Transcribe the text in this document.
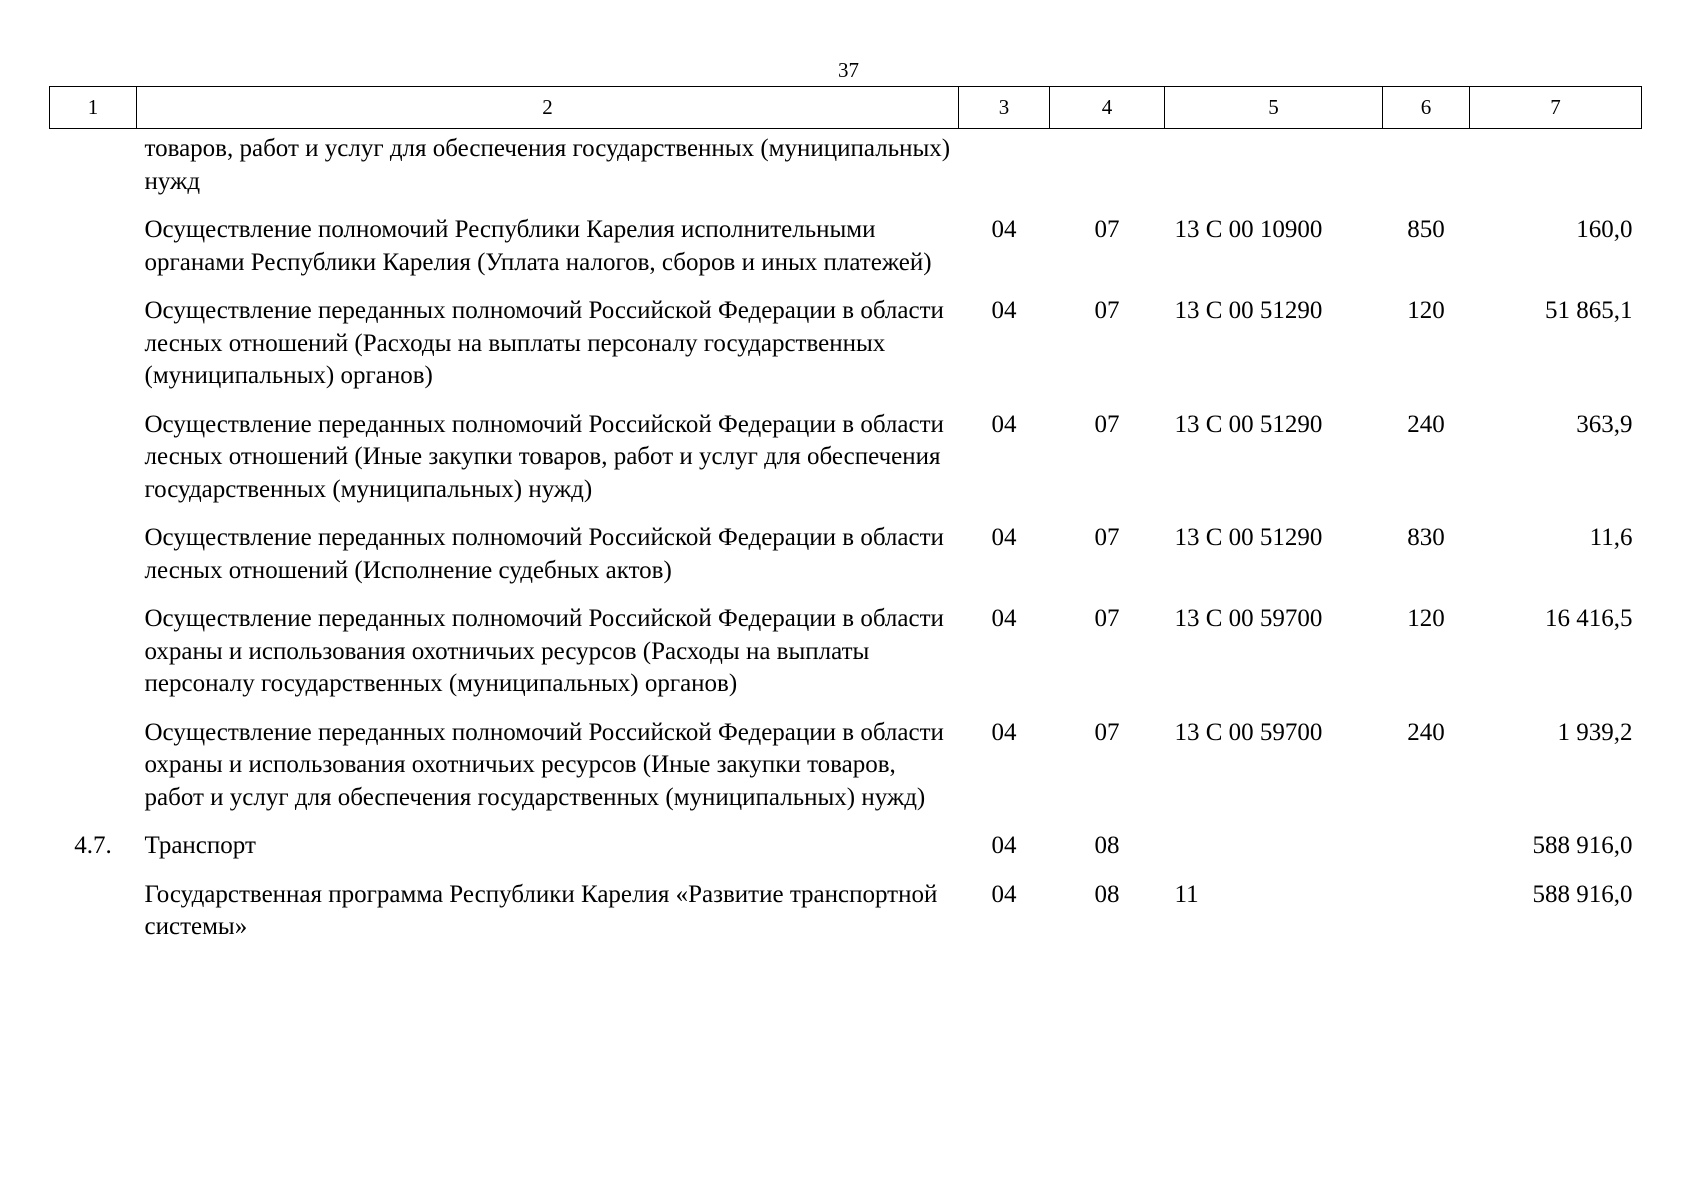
37
1	2	3	4	5	6	7
	товаров, работ и услуг для обеспечения государственных (муниципальных) нужд					
	Осуществление полномочий Республики Карелия исполнительными органами Республики Карелия (Уплата налогов, сборов и иных платежей)	04	07	13 С 00 10900	850	160,0
	Осуществление переданных полномочий Российской Федерации в области лесных отношений (Расходы на выплаты персоналу государственных (муниципальных) органов)	04	07	13 С 00 51290	120	51 865,1
	Осуществление переданных полномочий Российской Федерации в области лесных отношений (Иные закупки товаров, работ и услуг для обеспечения государственных (муниципальных) нужд)	04	07	13 С 00 51290	240	363,9
	Осуществление переданных полномочий Российской Федерации в области лесных отношений (Исполнение судебных актов)	04	07	13 С 00 51290	830	11,6
	Осуществление переданных полномочий Российской Федерации в области охраны и использования охотничьих ресурсов (Расходы на выплаты персоналу государственных (муниципальных) органов)	04	07	13 С 00 59700	120	16 416,5
	Осуществление переданных полномочий Российской Федерации в области охраны и использования охотничьих ресурсов (Иные закупки товаров, работ и услуг для обеспечения государственных (муниципальных) нужд)	04	07	13 С 00 59700	240	1 939,2
4.7.	Транспорт	04	08			588 916,0
	Государственная программа Республики Карелия «Развитие транспортной системы»	04	08	11		588 916,0
